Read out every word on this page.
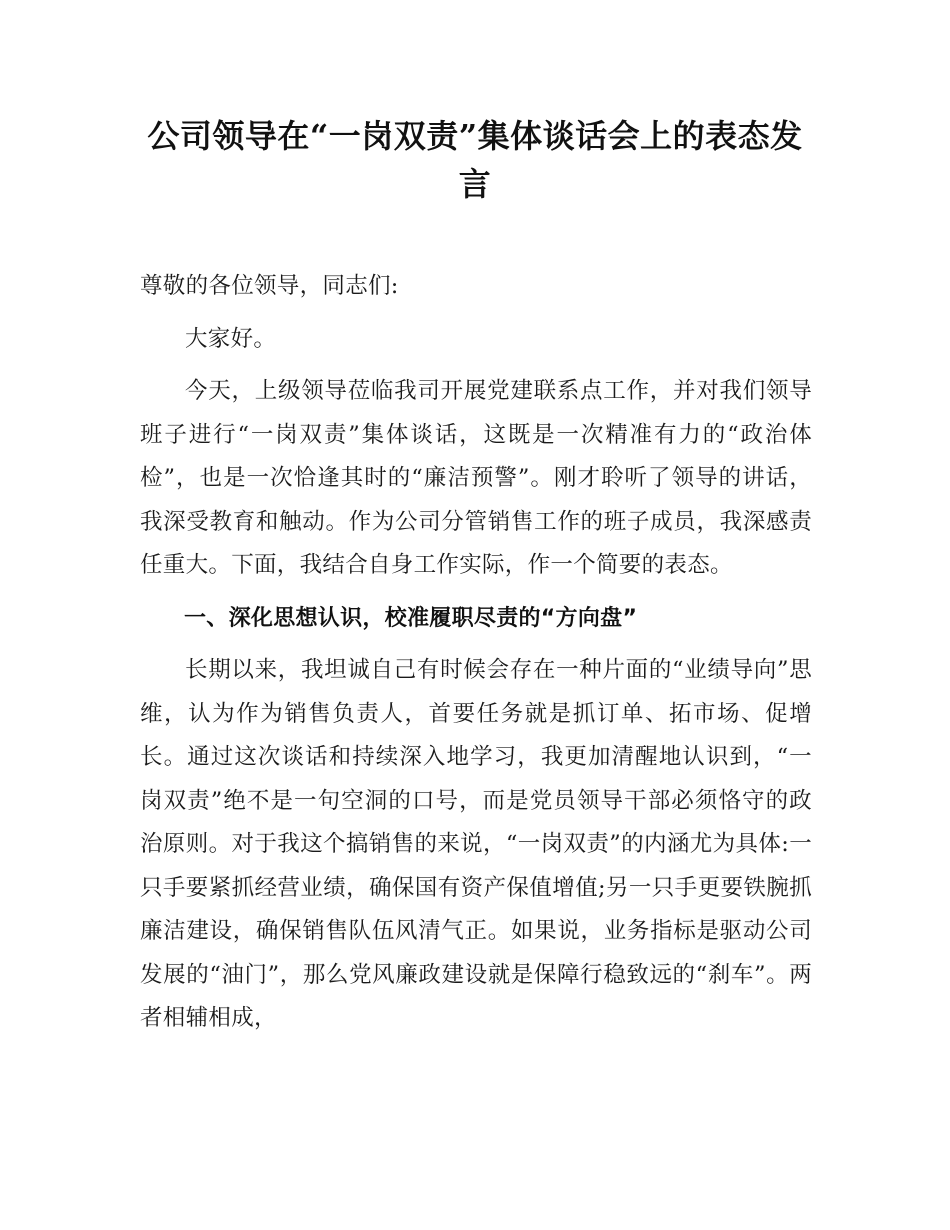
公司领导在“一岗双责”集体谈话会上的表态发言

尊敬的各位领导，同志们:

大家好。

今天，上级领导莅临我司开展党建联系点工作，并对我们领导班子进行“一岗双责”集体谈话，这既是一次精准有力的“政治体检”，也是一次恰逢其时的“廉洁预警”。刚才聆听了领导的讲话，我深受教育和触动。作为公司分管销售工作的班子成员，我深感责任重大。下面，我结合自身工作实际，作一个简要的表态。

一、深化思想认识，校准履职尽责的“方向盘”

长期以来，我坦诚自己有时候会存在一种片面的“业绩导向”思维，认为作为销售负责人，首要任务就是抓订单、拓市场、促增长。通过这次谈话和持续深入地学习，我更加清醒地认识到，“一岗双责”绝不是一句空洞的口号，而是党员领导干部必须恪守的政治原则。对于我这个搞销售的来说，“一岗双责”的内涵尤为具体:一只手要紧抓经营业绩，确保国有资产保值增值;另一只手更要铁腕抓廉洁建设，确保销售队伍风清气正。如果说，业务指标是驱动公司发展的“油门”，那么党风廉政建设就是保障行稳致远的“刹车”。两者相辅相成，
